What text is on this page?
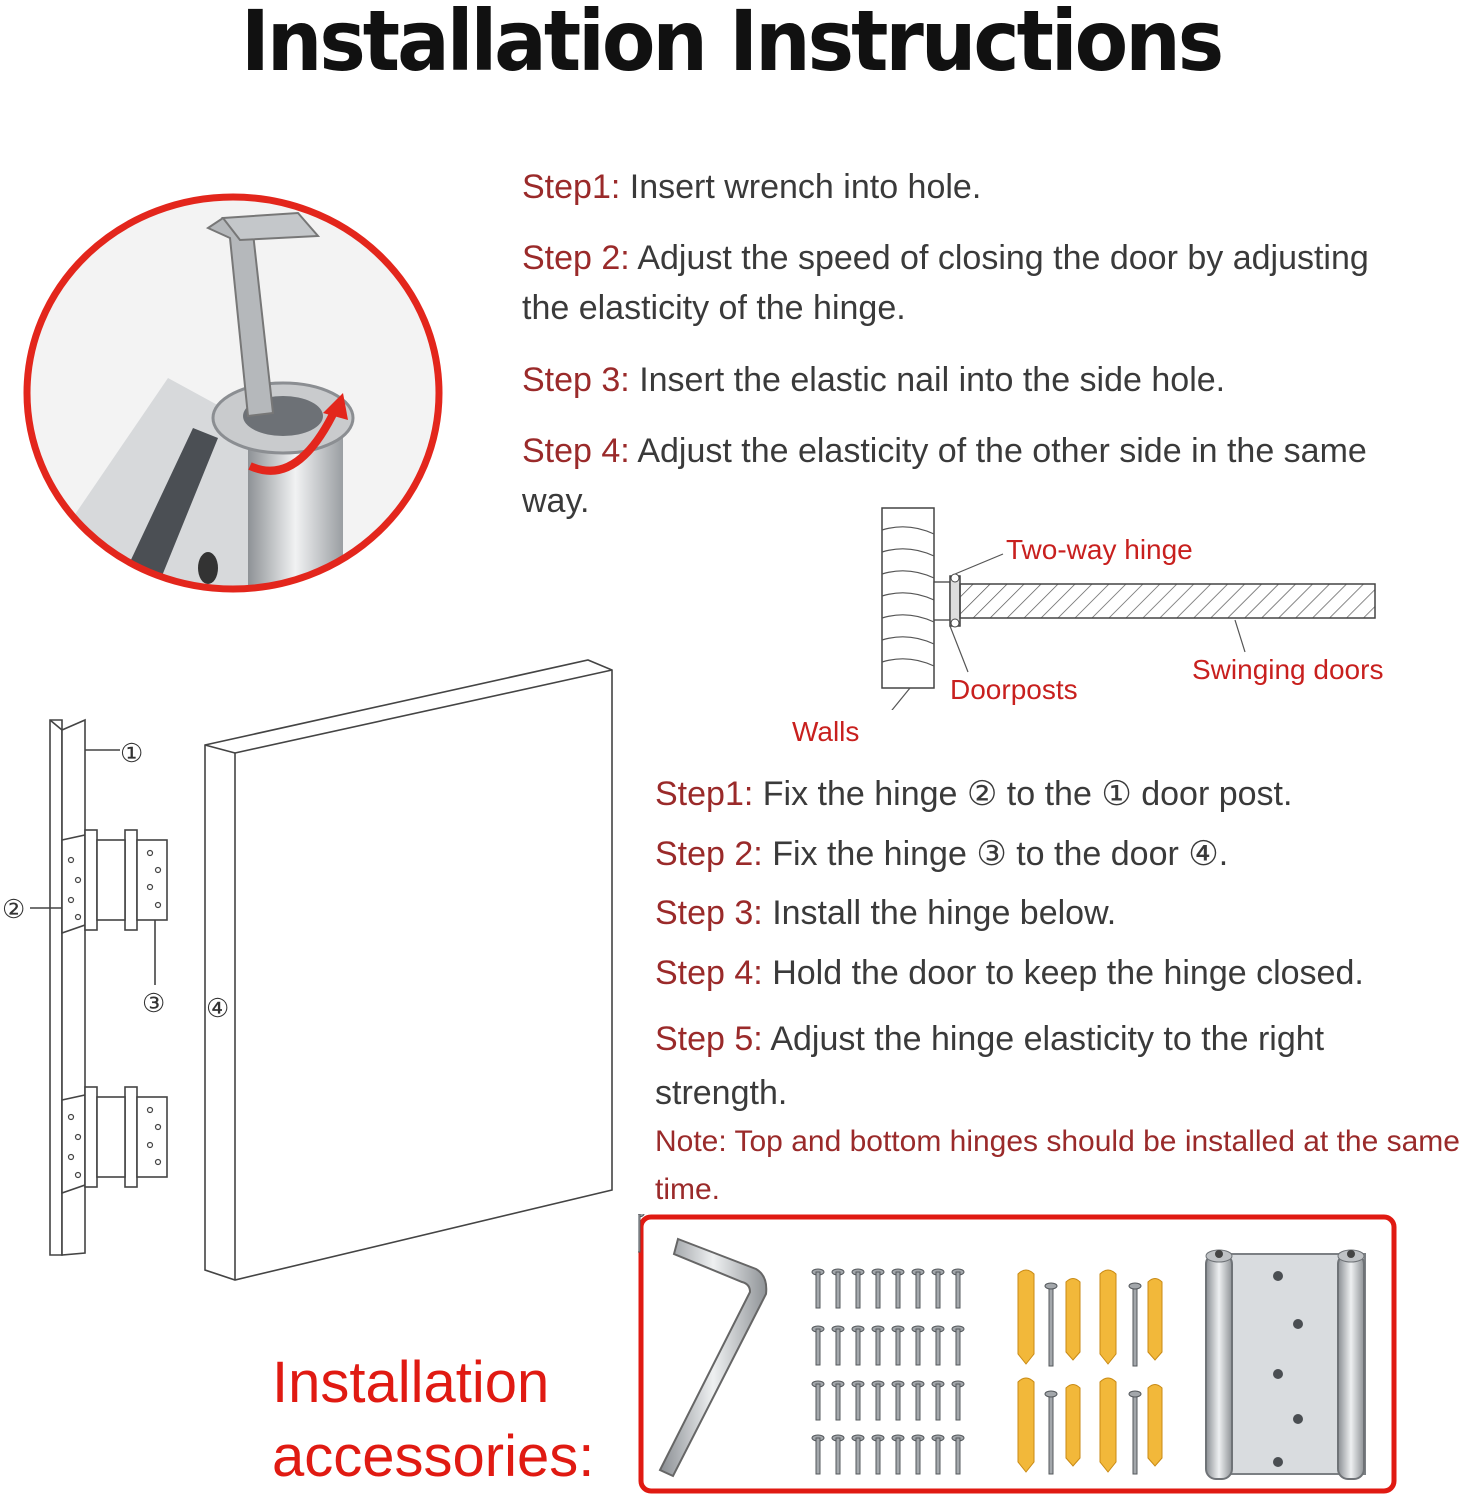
Installation Instructions
Step1: Insert wrench into hole.
Step 2: Adjust the speed of closing the door by adjusting the elasticity of the hinge.
Step 3: Insert the elastic nail into the side hole.
Step 4: Adjust the elasticity of the other side in the same way.
Two-way hinge
Swinging doors
Doorposts
Walls
①
②
③ ④
Step1: Fix the hinge ② to the ① door post.
Step 2: Fix the hinge ③ to the door ④.
Step 3: Install the hinge below.
Step 4: Hold the door to keep the hinge closed.
Step 5: Adjust the hinge elasticity to the right strength.
Note: Top and bottom hinges should be installed at the same time.
Installation accessories:
